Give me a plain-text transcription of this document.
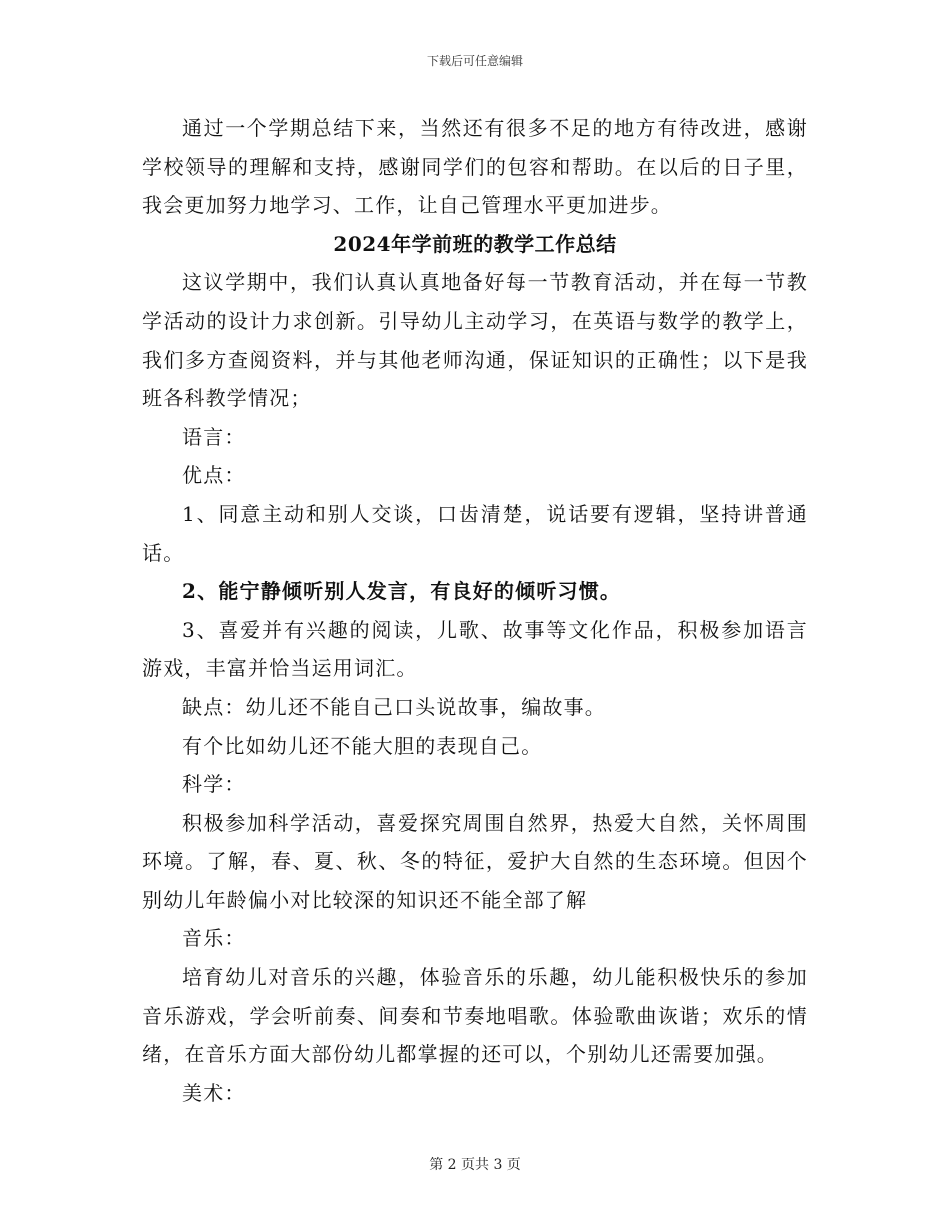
下载后可任意编辑

通过一个学期总结下来，当然还有很多不足的地方有待改进，感谢学校领导的理解和支持，感谢同学们的包容和帮助。在以后的日子里，我会更加努力地学习、工作，让自己管理水平更加进步。

2024年学前班的教学工作总结

这议学期中，我们认真认真地备好每一节教育活动，并在每一节教学活动的设计力求创新。引导幼儿主动学习，在英语与数学的教学上，我们多方查阅资料，并与其他老师沟通，保证知识的正确性；以下是我班各科教学情况；

语言：

优点：

1、同意主动和别人交谈，口齿清楚，说话要有逻辑，坚持讲普通话。

2、能宁静倾听别人发言，有良好的倾听习惯。

3、喜爱并有兴趣的阅读，儿歌、故事等文化作品，积极参加语言游戏，丰富并恰当运用词汇。

缺点：幼儿还不能自己口头说故事，编故事。

有个比如幼儿还不能大胆的表现自己。

科学：

积极参加科学活动，喜爱探究周围自然界，热爱大自然，关怀周围环境。了解，春、夏、秋、冬的特征，爱护大自然的生态环境。但因个别幼儿年龄偏小对比较深的知识还不能全部了解

音乐：

培育幼儿对音乐的兴趣，体验音乐的乐趣，幼儿能积极快乐的参加音乐游戏，学会听前奏、间奏和节奏地唱歌。体验歌曲诙谐；欢乐的情绪，在音乐方面大部份幼儿都掌握的还可以，个别幼儿还需要加强。

美术：

第 2 页共 3 页
